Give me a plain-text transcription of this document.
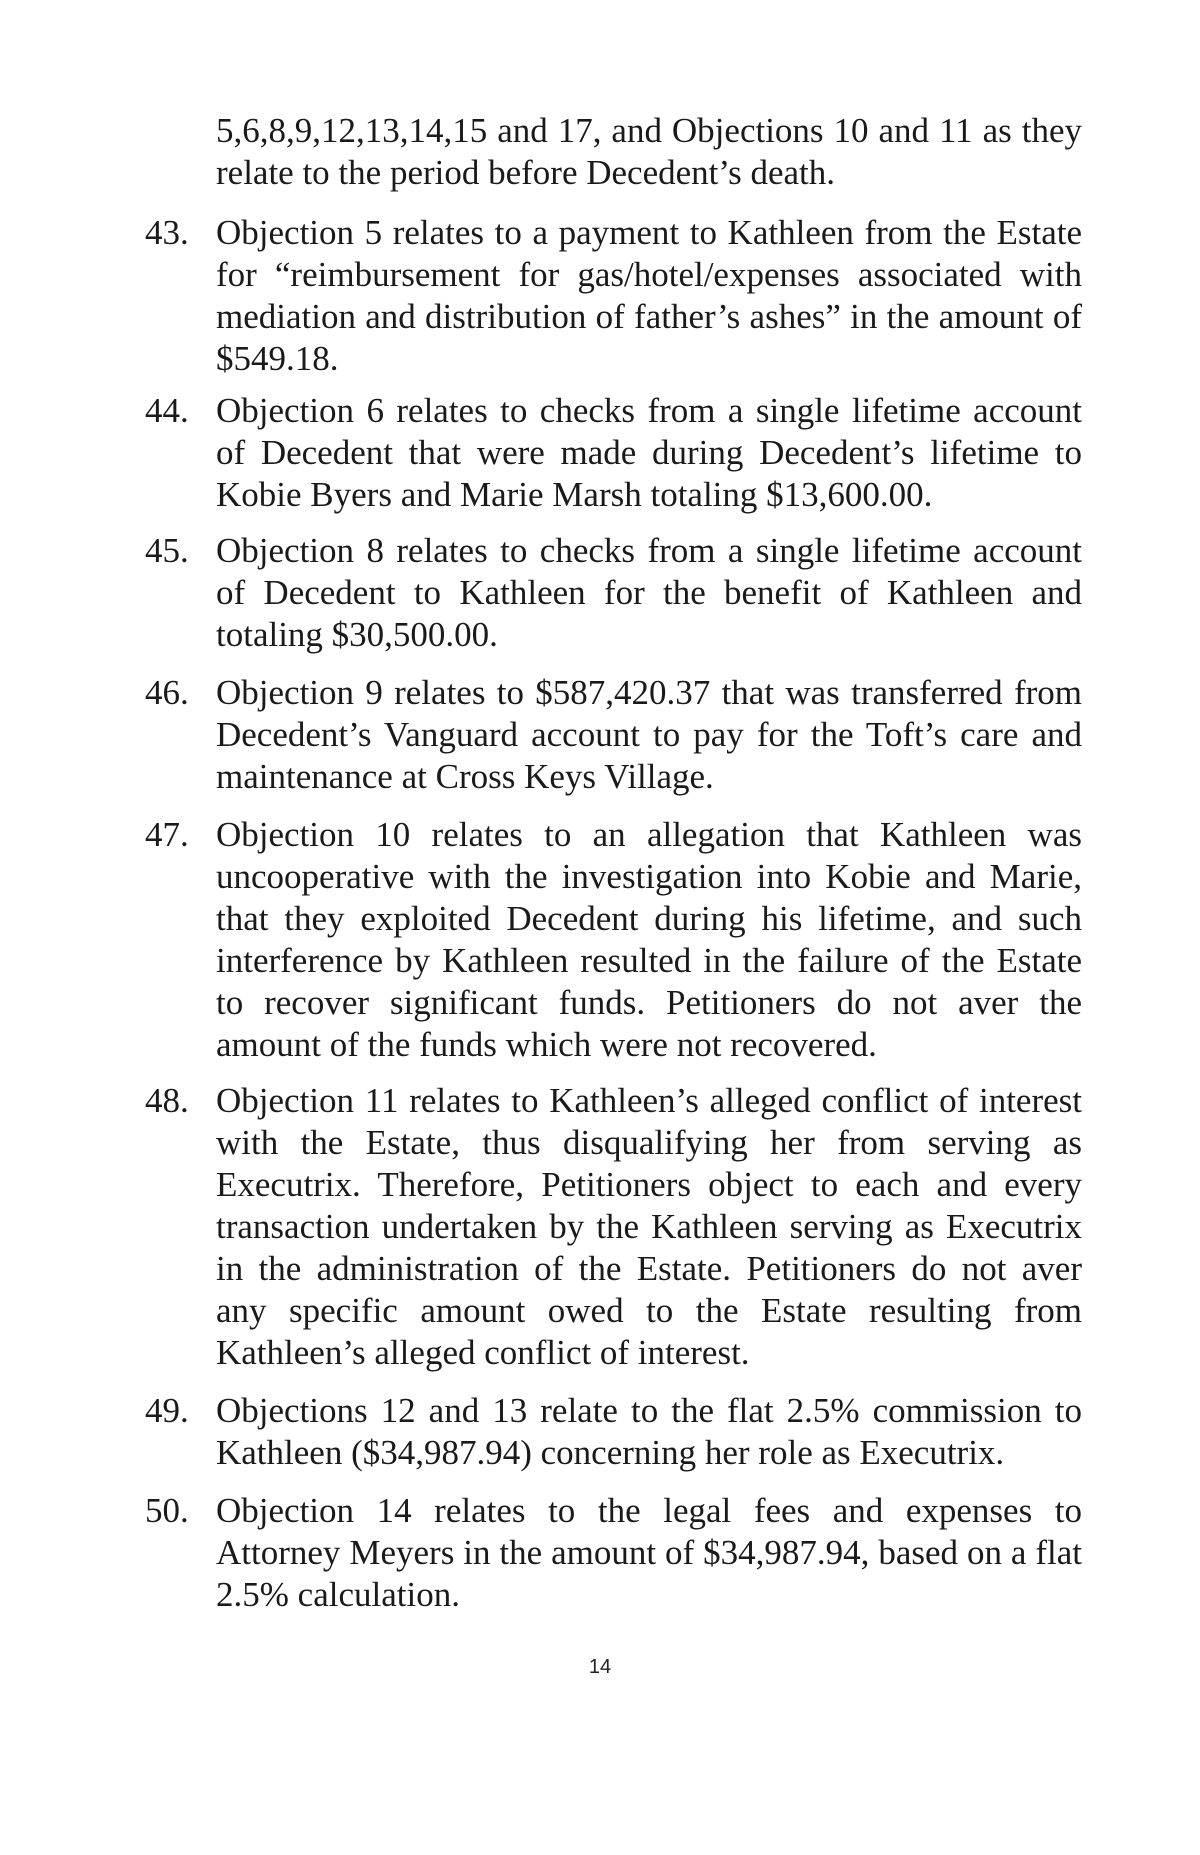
5,6,8,9,12,13,14,15 and 17, and Objections 10 and 11 as they relate to the period before Decedent’s death.
43. Objection 5 relates to a payment to Kathleen from the Estate for “reimbursement for gas/hotel/expenses associated with mediation and distribution of father’s ashes” in the amount of $549.18.
44. Objection 6 relates to checks from a single lifetime account of Decedent that were made during Decedent’s lifetime to Kobie Byers and Marie Marsh totaling $13,600.00.
45. Objection 8 relates to checks from a single lifetime account of Decedent to Kathleen for the benefit of Kathleen and totaling $30,500.00.
46. Objection 9 relates to $587,420.37 that was transferred from Decedent’s Vanguard account to pay for the Toft’s care and maintenance at Cross Keys Village.
47. Objection 10 relates to an allegation that Kathleen was uncooperative with the investigation into Kobie and Marie, that they exploited Decedent during his lifetime, and such interference by Kathleen resulted in the failure of the Estate to recover significant funds. Petitioners do not aver the amount of the funds which were not recovered.
48. Objection 11 relates to Kathleen’s alleged conflict of interest with the Estate, thus disqualifying her from serving as Executrix. Therefore, Petitioners object to each and every transaction undertaken by the Kathleen serving as Executrix in the administration of the Estate. Petitioners do not aver any specific amount owed to the Estate resulting from Kathleen’s alleged conflict of interest.
49. Objections 12 and 13 relate to the flat 2.5% commission to Kathleen ($34,987.94) concerning her role as Executrix.
50. Objection 14 relates to the legal fees and expenses to Attorney Meyers in the amount of $34,987.94, based on a flat 2.5% calculation.
14
